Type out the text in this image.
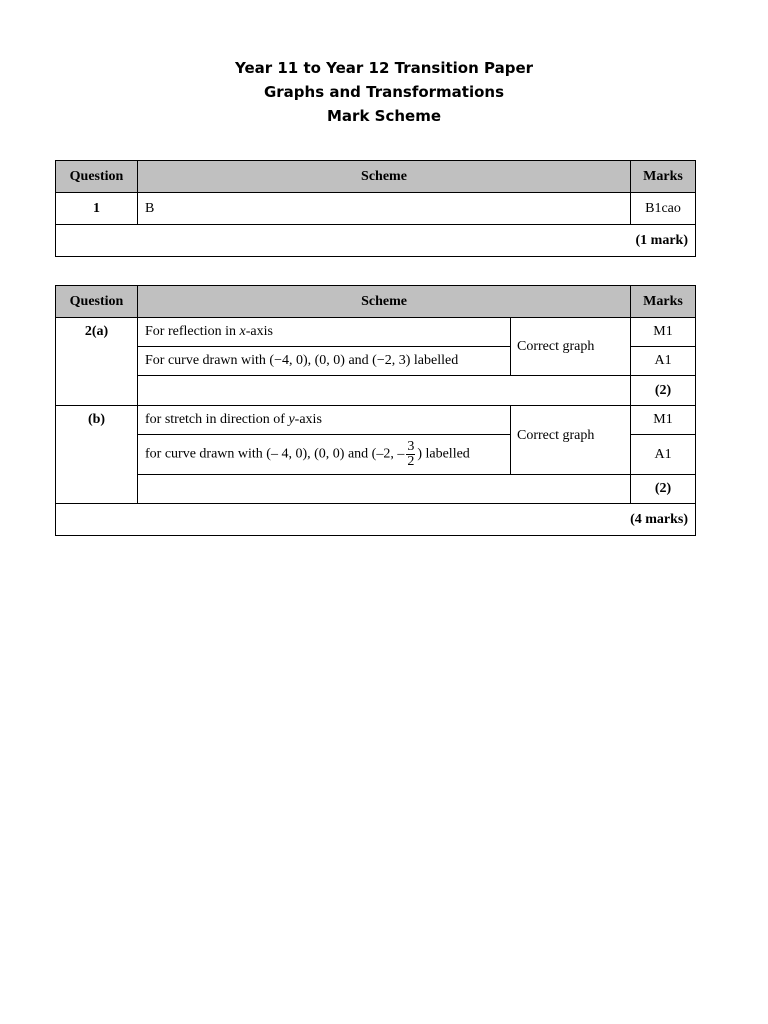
Year 11 to Year 12 Transition Paper

Graphs and Transformations

Mark Scheme

Question	Scheme	Marks
1	B	B1cao
(1 mark)		
Question	Scheme		Marks
2(a)	For reflection in x-axis	Correct graph	M1
	For curve drawn with (−4, 0), (0, 0) and (−2, 3) labelled		A1
			(2)
(b)	for stretch in direction of y-axis	Correct graph	M1
	for curve drawn with (– 4, 0), (0, 0) and (–2, – $\frac{3}{2}$ ) labelled		A1
			(2)
(4 marks)			
